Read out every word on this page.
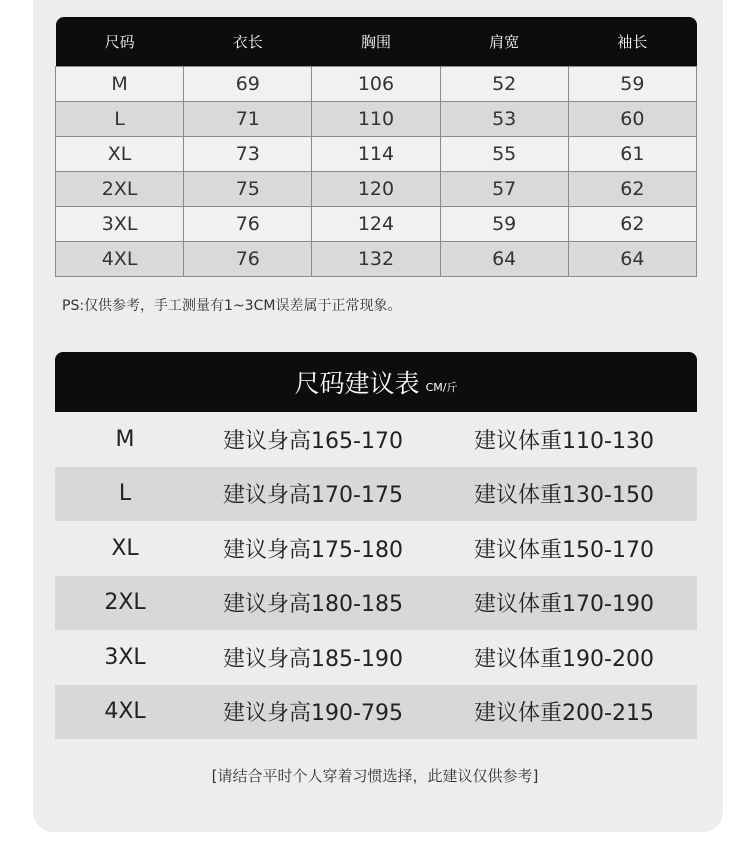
尺码	衣长	胸围	肩宽	袖长
M	69	106	52	59
L	71	110	53	60
XL	73	114	55	61
2XL	75	120	57	62
3XL	76	124	59	62
4XL	76	132	64	64

PS:仅供参考，手工测量有1~3CM误差属于正常现象。

尺码建议表 CM/斤
M	建议身高165-170	建议体重110-130
L	建议身高170-175	建议体重130-150
XL	建议身高175-180	建议体重150-170
2XL	建议身高180-185	建议体重170-190
3XL	建议身高185-190	建议体重190-200
4XL	建议身高190-795	建议体重200-215

[请结合平时个人穿着习惯选择，此建议仅供参考]
